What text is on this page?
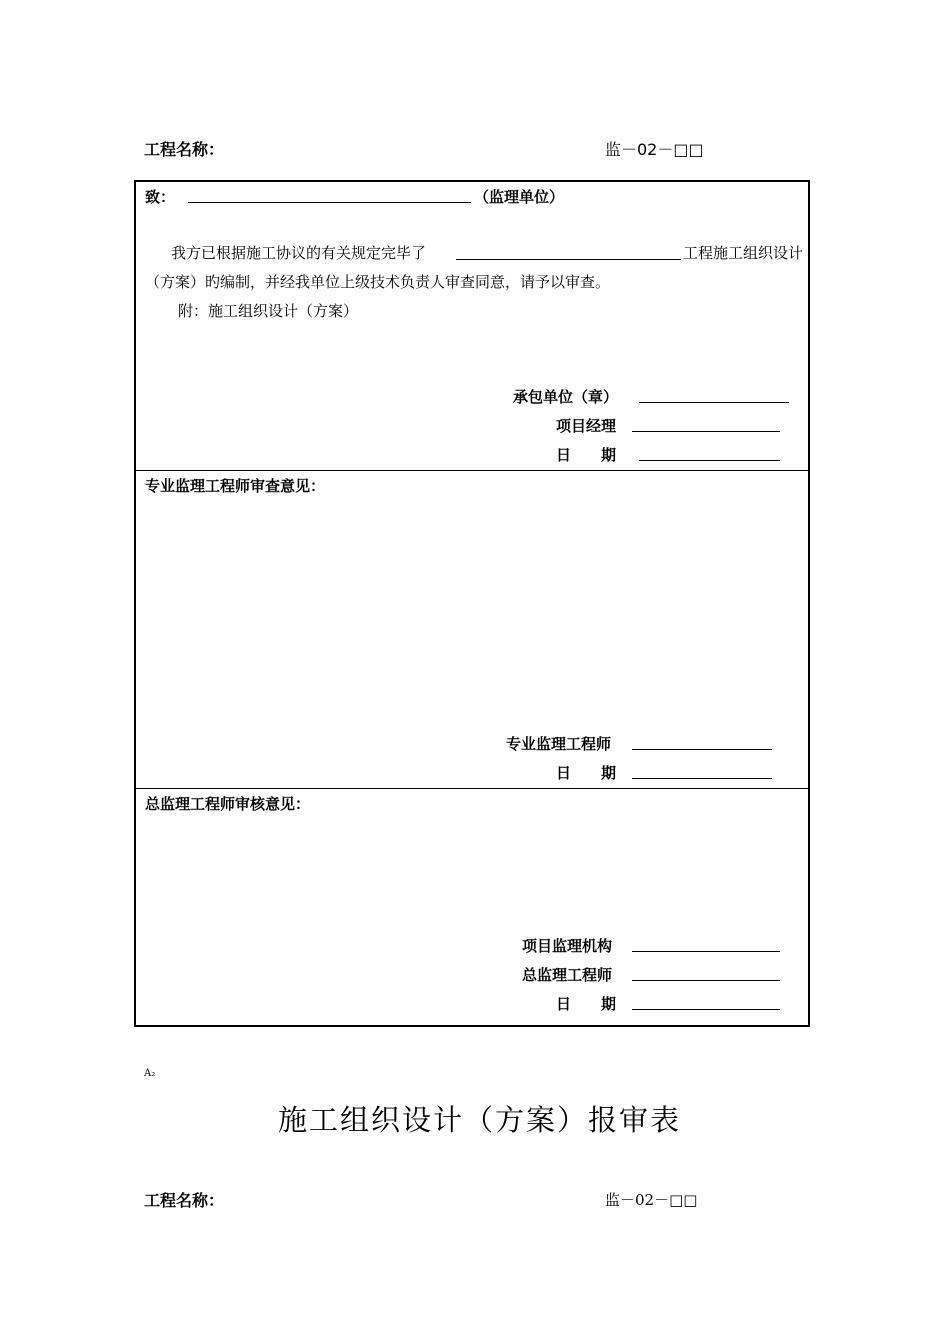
工程名称：	监－02－□□
致：	（监理单位）
我方已根据施工协议的有关规定完毕了	工程施工组织设计
（方案）旳编制，并经我单位上级技术负责人审查同意，请予以审查。
附：施工组织设计（方案）
承包单位（章）
项目经理
日　　期
专业监理工程师审查意见：
专业监理工程师
日　　期
总监理工程师审核意见：
项目监理机构
总监理工程师
日　　期
A₂
施工组织设计（方案）报审表
工程名称：	监－02－□□
